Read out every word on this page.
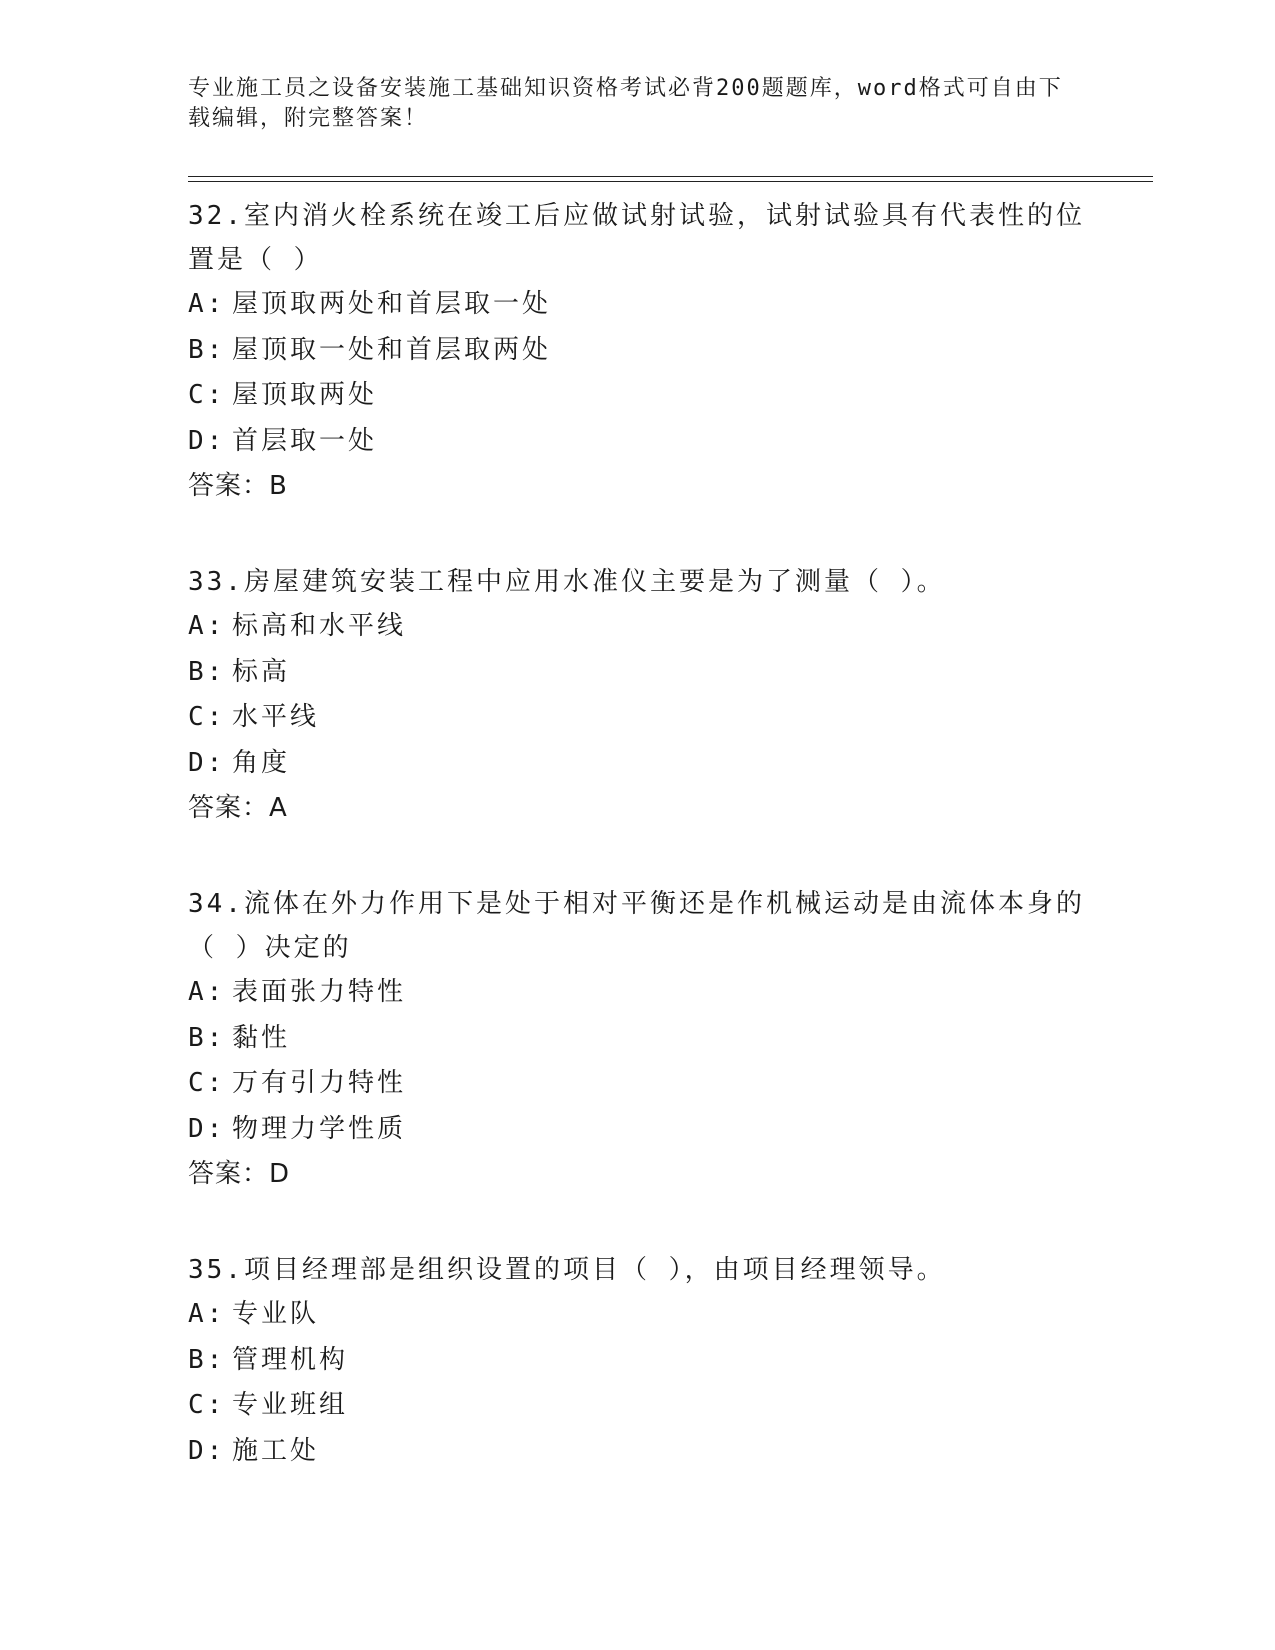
专业施工员之设备安装施工基础知识资格考试必背200题题库，word格式可自由下载编辑，附完整答案！

32.室内消火栓系统在竣工后应做试射试验，试射试验具有代表性的位置是（ ）

A: 屋顶取两处和首层取一处

B: 屋顶取一处和首层取两处

C: 屋顶取两处

D: 首层取一处

答案：B

33.房屋建筑安装工程中应用水准仪主要是为了测量（ ）。

A: 标高和水平线

B: 标高

C: 水平线

D: 角度

答案：A

34.流体在外力作用下是处于相对平衡还是作机械运动是由流体本身的（ ）决定的

A: 表面张力特性

B: 黏性

C: 万有引力特性

D: 物理力学性质

答案：D

35.项目经理部是组织设置的项目（ ），由项目经理领导。

A: 专业队

B: 管理机构

C: 专业班组

D: 施工处
